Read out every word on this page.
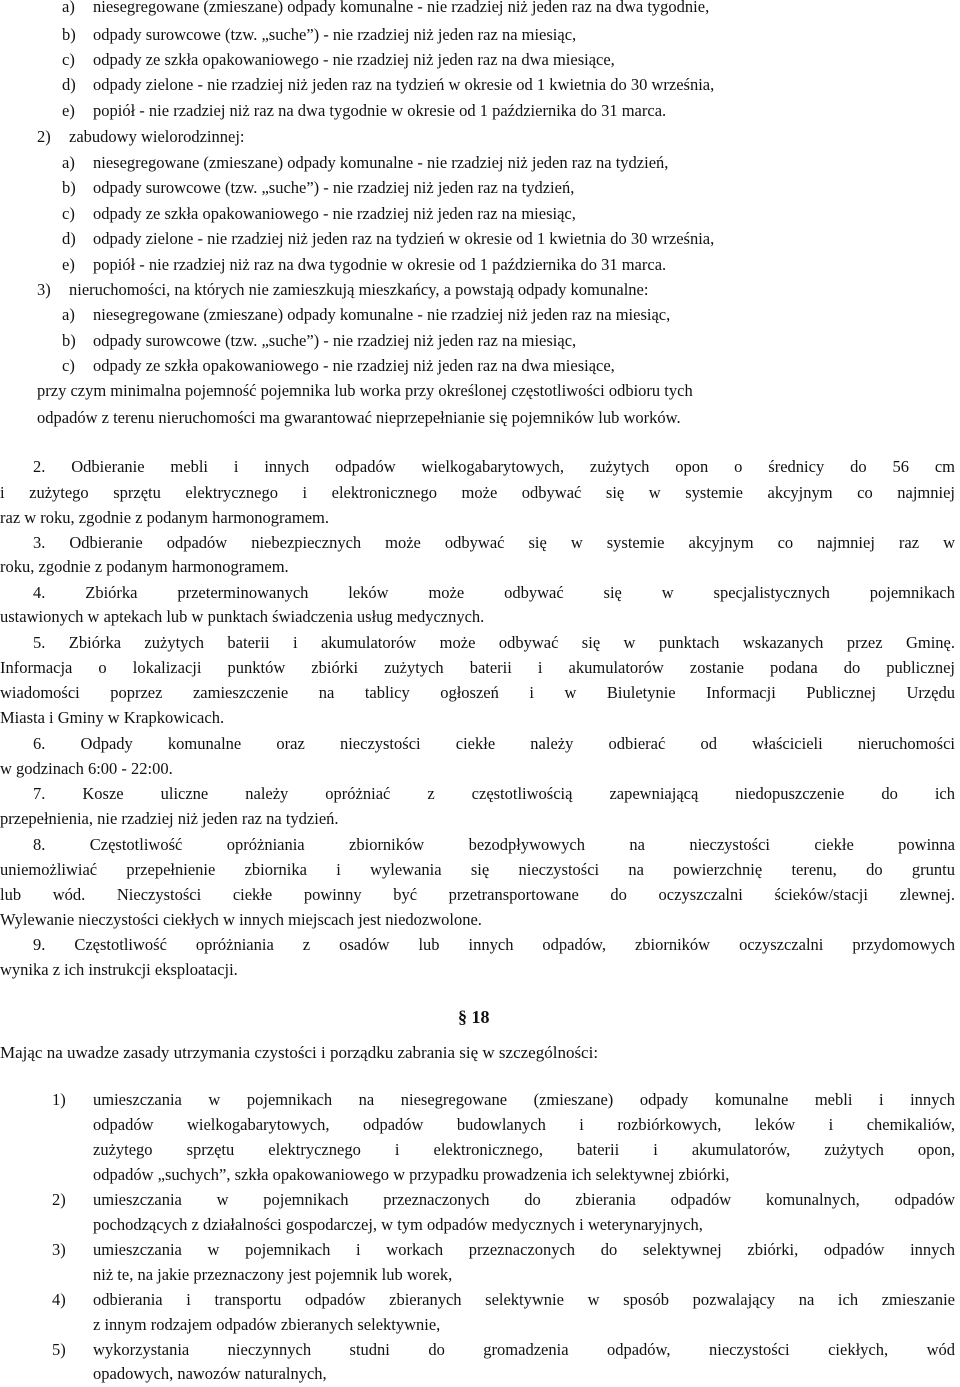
a) niesegregowane (zmieszane) odpady komunalne - nie rzadziej niż jeden raz na dwa tygodnie,
b) odpady surowcowe (tzw. „suche”) - nie rzadziej niż jeden raz na miesiąc,
c) odpady ze szkła opakowaniowego - nie rzadziej niż jeden raz na dwa miesiące,
d) odpady zielone - nie rzadziej niż jeden raz na tydzień w okresie od 1 kwietnia do 30 września,
e) popiół - nie rzadziej niż raz na dwa tygodnie w okresie od 1 października do 31 marca.
2) zabudowy wielorodzinnej:
a) niesegregowane (zmieszane) odpady komunalne - nie rzadziej niż jeden raz na tydzień,
b) odpady surowcowe (tzw. „suche”) - nie rzadziej niż jeden raz na tydzień,
c) odpady ze szkła opakowaniowego - nie rzadziej niż jeden raz na miesiąc,
d) odpady zielone - nie rzadziej niż jeden raz na tydzień w okresie od 1 kwietnia do 30 września,
e) popiół - nie rzadziej niż raz na dwa tygodnie w okresie od 1 października do 31 marca.
3) nieruchomości, na których nie zamieszkują mieszkańcy, a powstają odpady komunalne:
a) niesegregowane (zmieszane) odpady komunalne - nie rzadziej niż jeden raz na miesiąc,
b) odpady surowcowe (tzw. „suche”) - nie rzadziej niż jeden raz na miesiąc,
c) odpady ze szkła opakowaniowego - nie rzadziej niż jeden raz na dwa miesiące,
przy czym minimalna pojemność pojemnika lub worka przy określonej częstotliwości odbioru tych
odpadów z terenu nieruchomości ma gwarantować nieprzepełnianie się pojemników lub worków.
2. Odbieranie mebli i innych odpadów wielkogabarytowych, zużytych opon o średnicy do 56 cm
i zużytego sprzętu elektrycznego i elektronicznego może odbywać się w systemie akcyjnym co najmniej
raz w roku, zgodnie z podanym harmonogramem.
3. Odbieranie odpadów niebezpiecznych może odbywać się w systemie akcyjnym co najmniej raz w
roku, zgodnie z podanym harmonogramem.
4. Zbiórka przeterminowanych leków może odbywać się w specjalistycznych pojemnikach
ustawionych w aptekach lub w punktach świadczenia usług medycznych.
5. Zbiórka zużytych baterii i akumulatorów może odbywać się w punktach wskazanych przez Gminę.
Informacja o lokalizacji punktów zbiórki zużytych baterii i akumulatorów zostanie podana do publicznej
wiadomości poprzez zamieszczenie na tablicy ogłoszeń i w Biuletynie Informacji Publicznej Urzędu
Miasta i Gminy w Krapkowicach.
6. Odpady komunalne oraz nieczystości ciekłe należy odbierać od właścicieli nieruchomości
w godzinach 6:00 - 22:00.
7. Kosze uliczne należy opróżniać z częstotliwością zapewniającą niedopuszczenie do ich
przepełnienia, nie rzadziej niż jeden raz na tydzień.
8. Częstotliwość opróżniania zbiorników bezodpływowych na nieczystości ciekłe powinna
uniemożliwiać przepełnienie zbiornika i wylewania się nieczystości na powierzchnię terenu, do gruntu
lub wód. Nieczystości ciekłe powinny być przetransportowane do oczyszczalni ścieków/stacji zlewnej.
Wylewanie nieczystości ciekłych w innych miejscach jest niedozwolone.
9. Częstotliwość opróżniania z osadów lub innych odpadów, zbiorników oczyszczalni przydomowych
wynika z ich instrukcji eksploatacji.
§ 18
Mając na uwadze zasady utrzymania czystości i porządku zabrania się w szczególności:
1) umieszczania w pojemnikach na niesegregowane (zmieszane) odpady komunalne mebli i innych
odpadów wielkogabarytowych, odpadów budowlanych i rozbiórkowych, leków i chemikaliów,
zużytego sprzętu elektrycznego i elektronicznego, baterii i akumulatorów, zużytych opon,
odpadów „suchych”, szkła opakowaniowego w przypadku prowadzenia ich selektywnej zbiórki,
2) umieszczania w pojemnikach przeznaczonych do zbierania odpadów komunalnych, odpadów
pochodzących z działalności gospodarczej, w tym odpadów medycznych i weterynaryjnych,
3) umieszczania w pojemnikach i workach przeznaczonych do selektywnej zbiórki, odpadów innych
niż te, na jakie przeznaczony jest pojemnik lub worek,
4) odbierania i transportu odpadów zbieranych selektywnie w sposób pozwalający na ich zmieszanie
z innym rodzajem odpadów zbieranych selektywnie,
5) wykorzystania nieczynnych studni do gromadzenia odpadów, nieczystości ciekłych, wód
opadowych, nawozów naturalnych,
